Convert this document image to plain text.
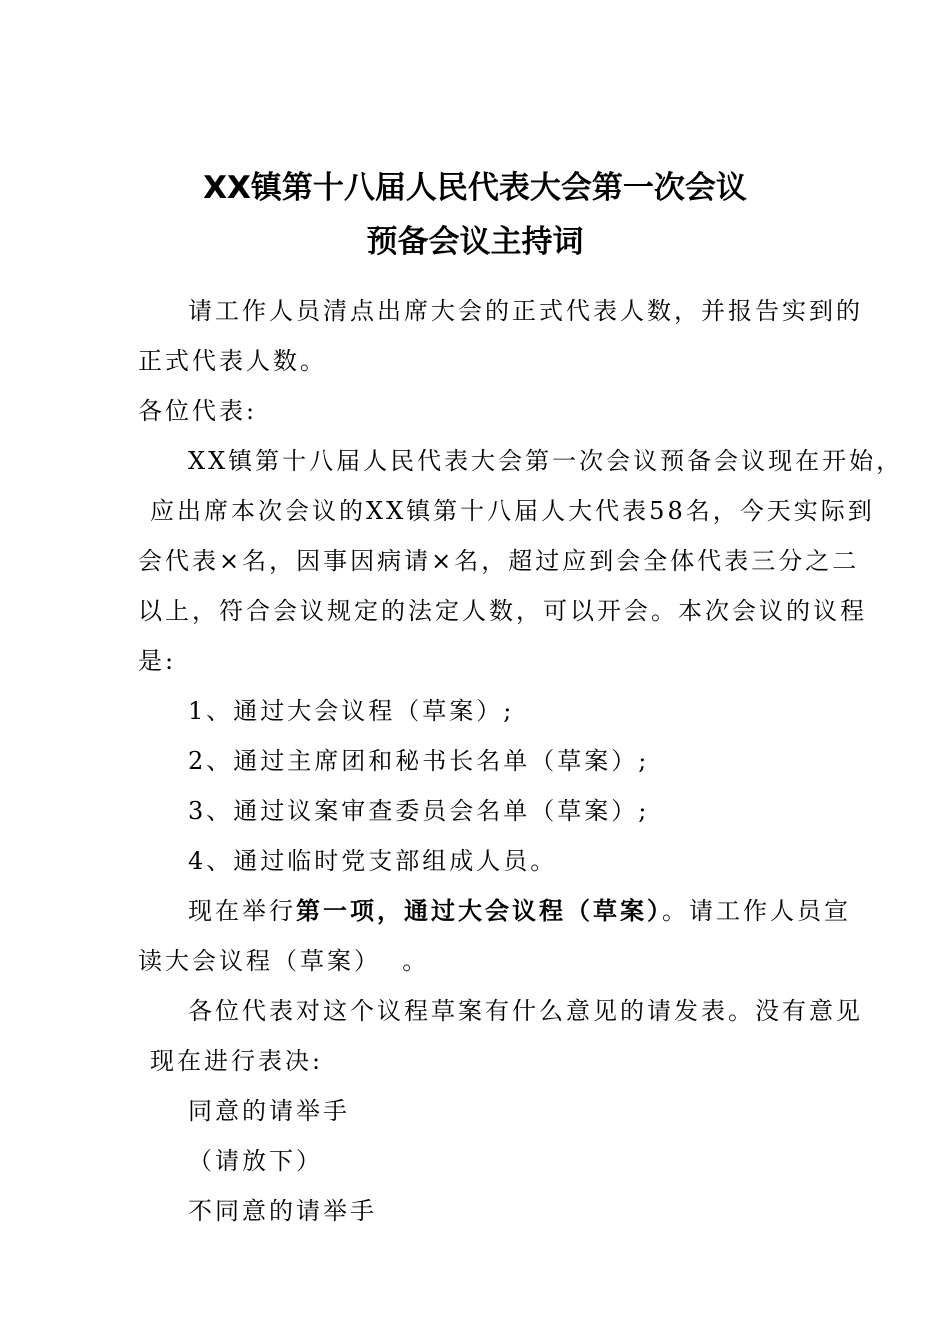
XX镇第十八届人民代表大会第一次会议
预备会议主持词
请工作人员清点出席大会的正式代表人数，并报告实到的
正式代表人数。
各位代表:
XX镇第十八届人民代表大会第一次会议预备会议现在开始，
应出席本次会议的XX镇第十八届人大代表58名，今天实际到
会代表×名，因事因病请×名，超过应到会全体代表三分之二
以上，符合会议规定的法定人数，可以开会。本次会议的议程
是:
1、通过大会议程（草案）;
2、通过主席团和秘书长名单（草案）;
3、通过议案审查委员会名单（草案）;
4、通过临时党支部组成人员。
现在举行第一项，通过大会议程（草案）。请工作人员宣
读大会议程（草案）  。
各位代表对这个议程草案有什么意见的请发表。没有意见
现在进行表决:
同意的请举手
（请放下）
不同意的请举手
